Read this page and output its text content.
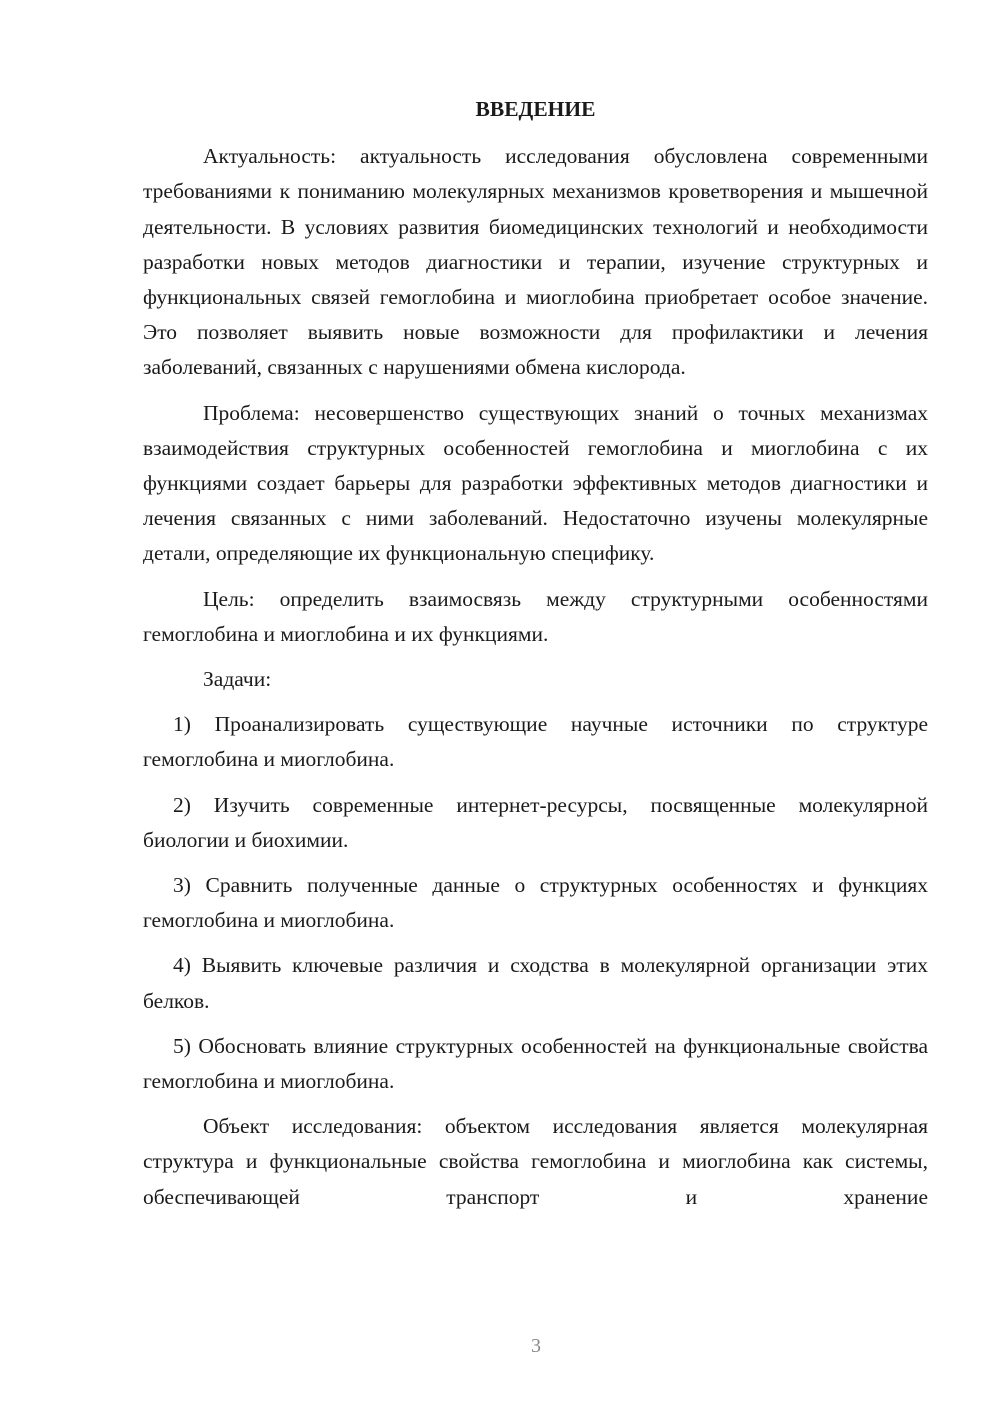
ВВЕДЕНИЕ

Актуальность: актуальность исследования обусловлена современными требованиями к пониманию молекулярных механизмов кроветворения и мышечной деятельности. В условиях развития биомедицинских технологий и необходимости разработки новых методов диагностики и терапии, изучение структурных и функциональных связей гемоглобина и миоглобина приобретает особое значение. Это позволяет выявить новые возможности для профилактики и лечения заболеваний, связанных с нарушениями обмена кислорода.

Проблема: несовершенство существующих знаний о точных механизмах взаимодействия структурных особенностей гемоглобина и миоглобина с их функциями создает барьеры для разработки эффективных методов диагностики и лечения связанных с ними заболеваний. Недостаточно изучены молекулярные детали, определяющие их функциональную специфику.

Цель: определить взаимосвязь между структурными особенностями гемоглобина и миоглобина и их функциями.

Задачи:

1) Проанализировать существующие научные источники по структуре гемоглобина и миоглобина.

2) Изучить современные интернет-ресурсы, посвященные молекулярной биологии и биохимии.

3) Сравнить полученные данные о структурных особенностях и функциях гемоглобина и миоглобина.

4) Выявить ключевые различия и сходства в молекулярной организации этих белков.

5) Обосновать влияние структурных особенностей на функциональные свойства гемоглобина и миоглобина.

Объект исследования: объектом исследования является молекулярная структура и функциональные свойства гемоглобина и миоглобина как системы, обеспечивающей транспорт и хранение

3
